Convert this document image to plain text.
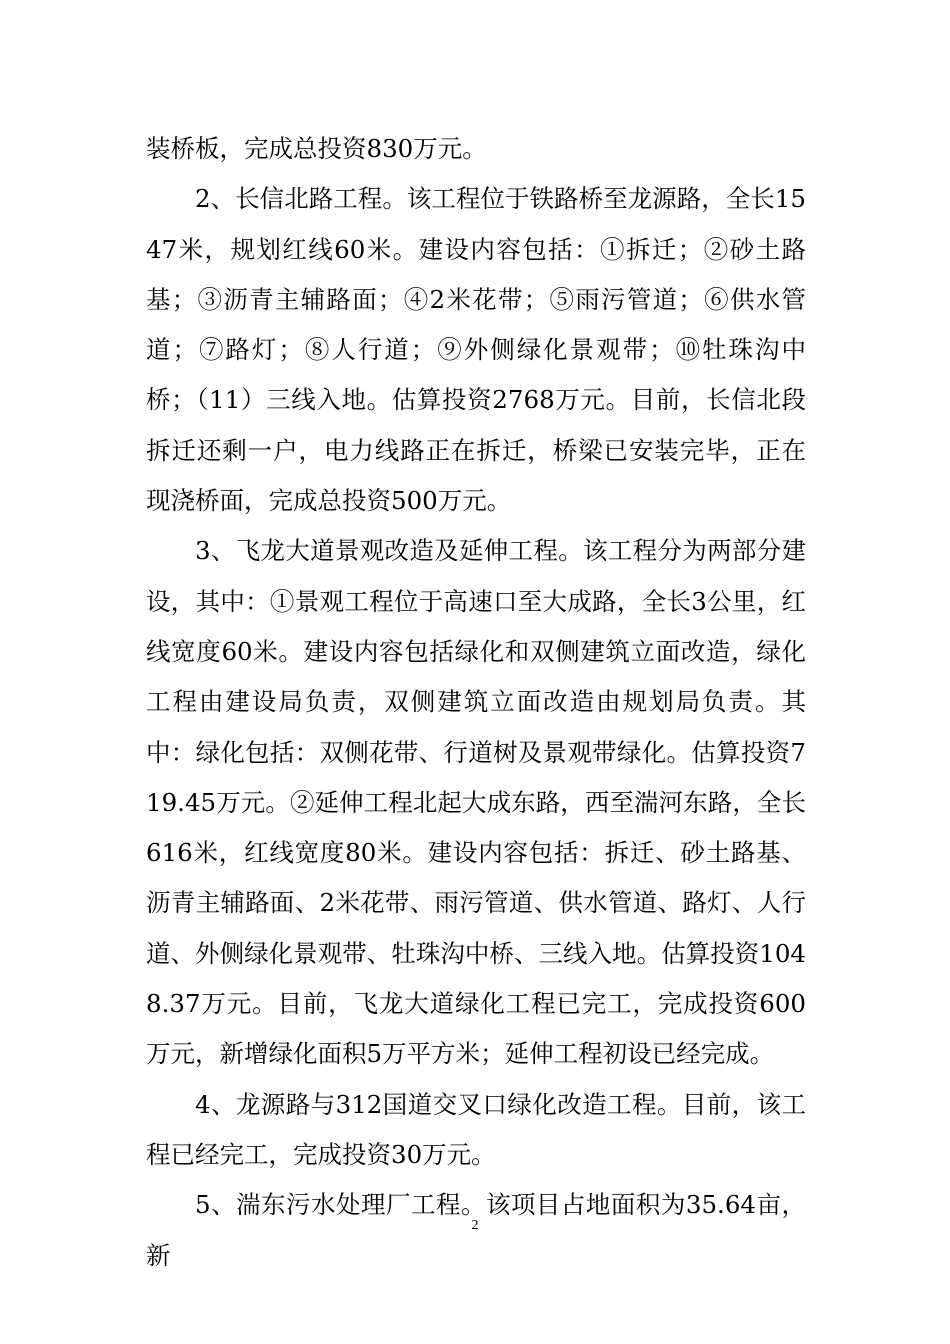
装桥板，完成总投资830万元。

2、长信北路工程。该工程位于铁路桥至龙源路，全长1547米，规划红线60米。建设内容包括：①拆迁；②砂土路基；③沥青主辅路面；④2米花带；⑤雨污管道；⑥供水管道；⑦路灯；⑧人行道；⑨外侧绿化景观带；⑩牡珠沟中桥；（11）三线入地。估算投资2768万元。目前，长信北段拆迁还剩一户，电力线路正在拆迁，桥梁已安装完毕，正在现浇桥面，完成总投资500万元。

3、飞龙大道景观改造及延伸工程。该工程分为两部分建设，其中：①景观工程位于高速口至大成路，全长3公里，红线宽度60米。建设内容包括绿化和双侧建筑立面改造，绿化工程由建设局负责，双侧建筑立面改造由规划局负责。其中：绿化包括：双侧花带、行道树及景观带绿化。估算投资719.45万元。②延伸工程北起大成东路，西至湍河东路，全长616米，红线宽度80米。建设内容包括：拆迁、砂土路基、沥青主辅路面、2米花带、雨污管道、供水管道、路灯、人行道、外侧绿化景观带、牡珠沟中桥、三线入地。估算投资1048.37万元。目前，飞龙大道绿化工程已完工，完成投资600万元，新增绿化面积5万平方米；延伸工程初设已经完成。

4、龙源路与312国道交叉口绿化改造工程。目前，该工程已经完工，完成投资30万元。

5、湍东污水处理厂工程。该项目占地面积为35.64亩，新

2
